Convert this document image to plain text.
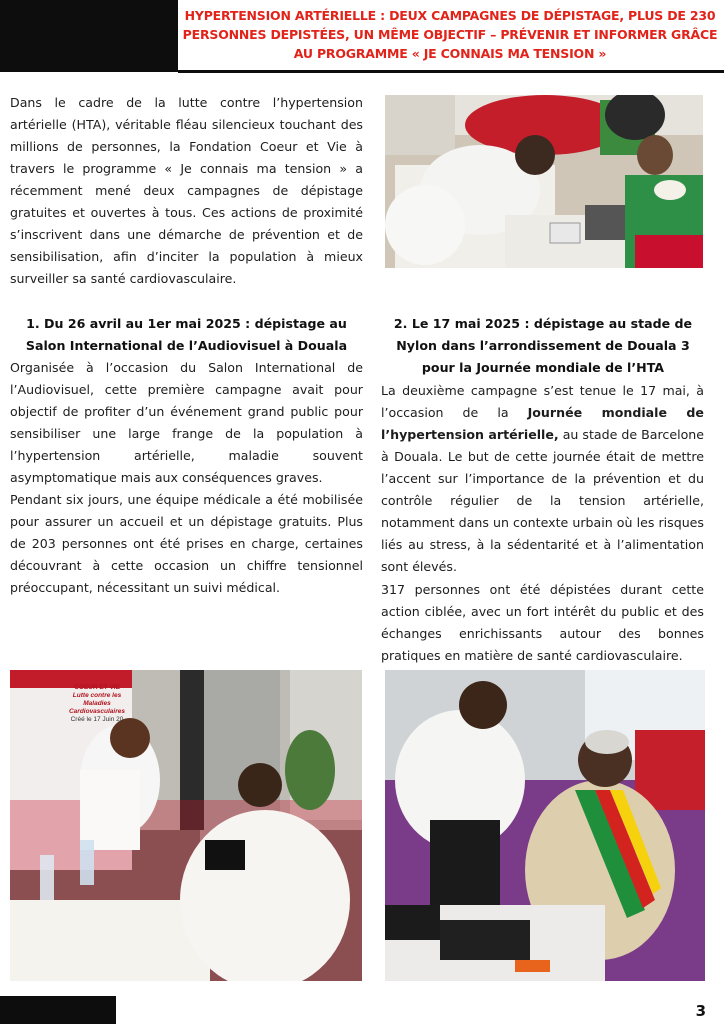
HYPERTENSION ARTÉRIELLE : DEUX CAMPAGNES DE DÉPISTAGE, PLUS DE 230 PERSONNES DEPISTÉES, UN MÊME OBJECTIF – PRÉVENIR ET INFORMER GRÂCE AU PROGRAMME « JE CONNAIS MA TENSION »

Dans le cadre de la lutte contre l’hypertension artérielle (HTA), véritable fléau silencieux touchant des millions de personnes, la Fondation Coeur et Vie à travers le programme « Je connais ma tension » a récemment mené deux campagnes de dépistage gratuites et ouvertes à tous. Ces actions de proximité s’inscrivent dans une démarche de prévention et de sensibilisation, afin d’inciter la population à mieux surveiller sa santé cardiovasculaire.

1. Du 26 avril au 1er mai 2025 : dépistage au Salon International de l’Audiovisuel à Douala

Organisée à l’occasion du Salon International de l’Audiovisuel, cette première campagne avait pour objectif de profiter d’un événement grand public pour sensibiliser une large frange de la population à l’hypertension artérielle, maladie souvent asymptomatique mais aux conséquences graves.

Pendant six jours, une équipe médicale a été mobilisée pour assurer un accueil et un dépistage gratuits. Plus de 203 personnes ont été prises en charge, certaines découvrant à cette occasion un chiffre tensionnel préoccupant, nécessitant un suivi médical.

2. Le 17 mai 2025 : dépistage au stade de Nylon dans l’arrondissement de Douala 3 pour la Journée mondiale de l’HTA

La deuxième campagne s’est tenue le 17 mai, à l’occasion de la Journée mondiale de l’hypertension artérielle, au stade de Barcelone à Douala. Le but de cette journée était de mettre l’accent sur l’importance de la prévention et du contrôle régulier de la tension artérielle, notamment dans un contexte urbain où les risques liés au stress, à la sédentarité et à l’alimentation sont élevés.

317 personnes ont été dépistées durant cette action ciblée, avec un fort intérêt du public et des échanges enrichissants autour des bonnes pratiques en matière de santé cardiovasculaire.

COEUR ET VIE
Lutte contre les Maladies Cardiovasculaires
Créé le 17 Juin 20
3
